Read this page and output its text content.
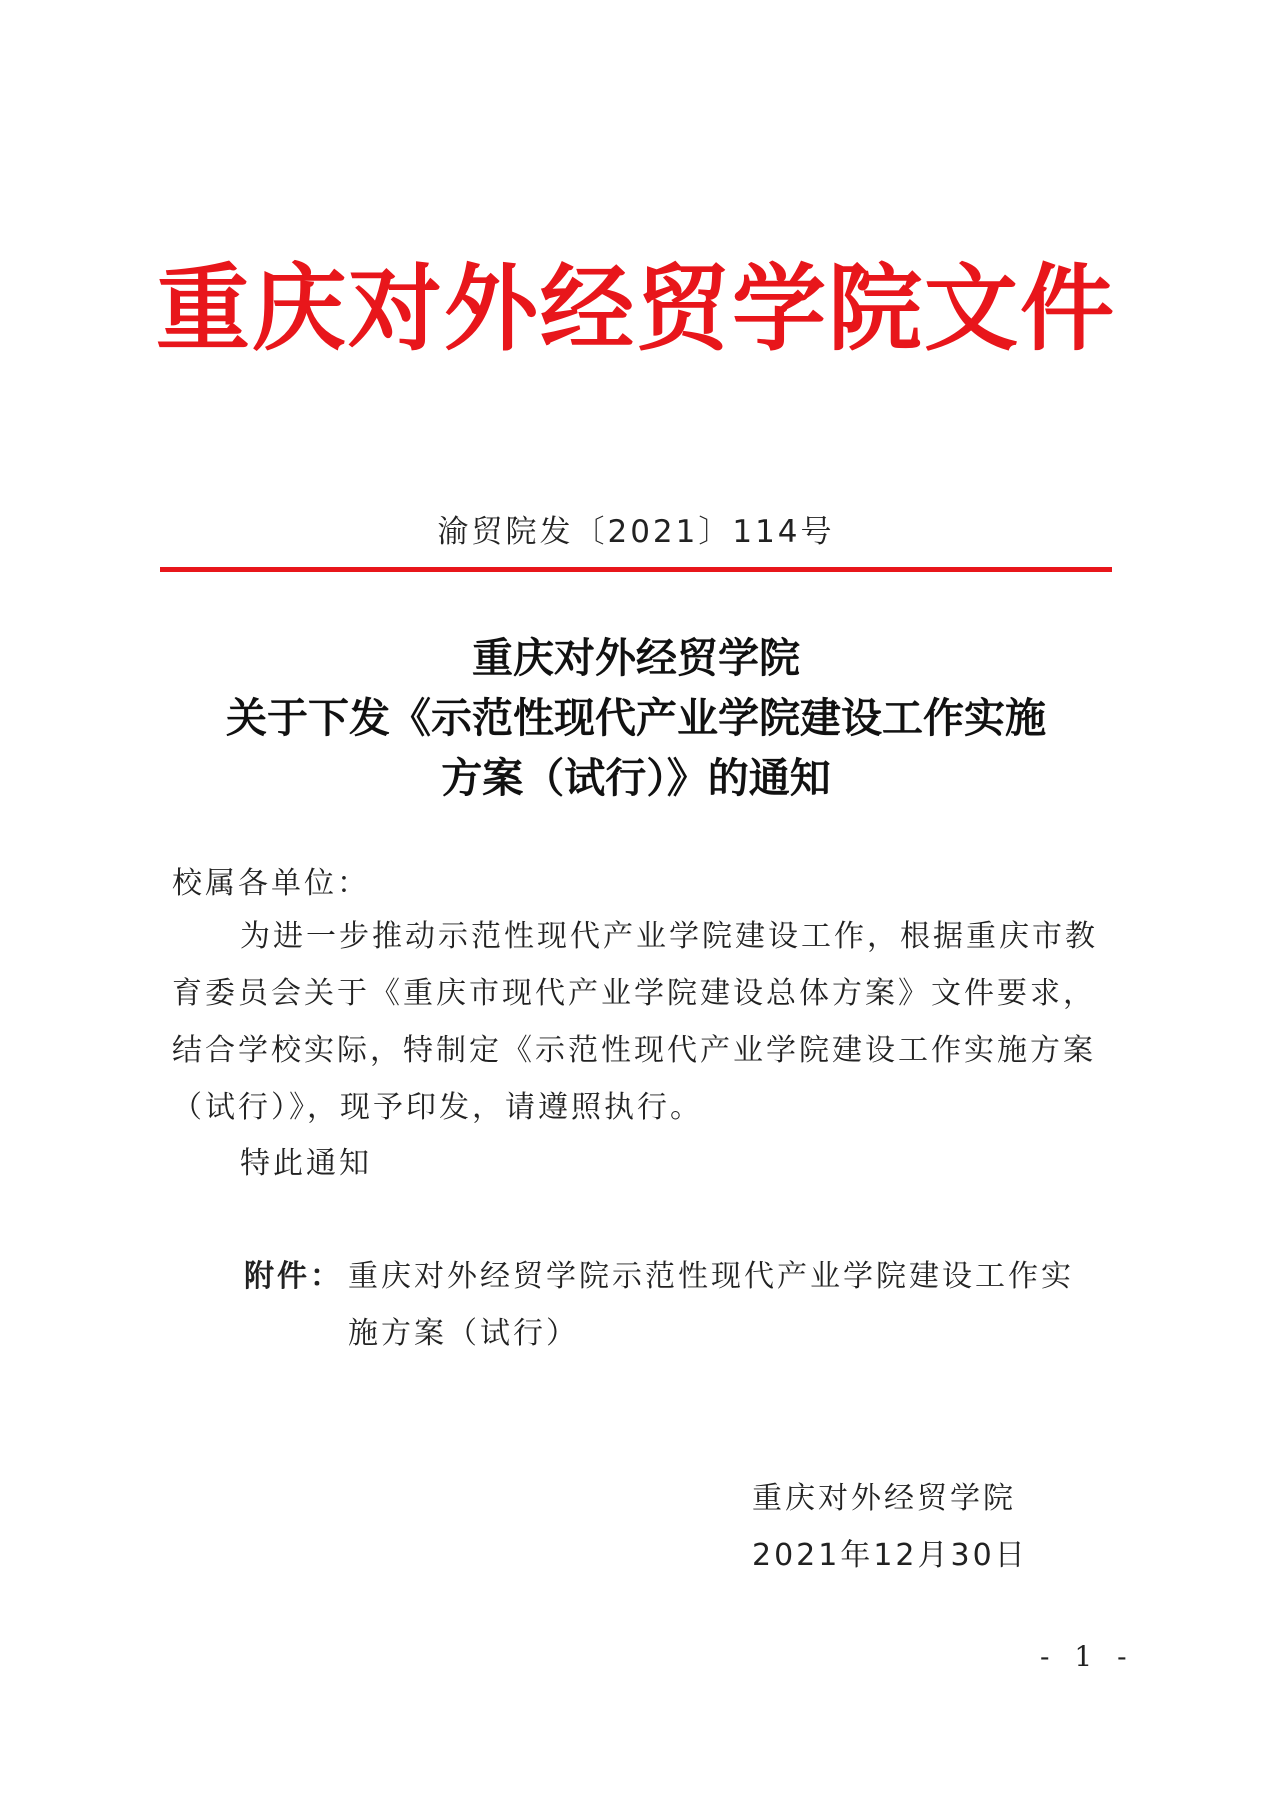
重庆对外经贸学院文件
渝贸院发〔2021〕114号
重庆对外经贸学院
关于下发《示范性现代产业学院建设工作实施
方案（试行）》的通知
校属各单位：

为进一步推动示范性现代产业学院建设工作，根据重庆市教育委员会关于《重庆市现代产业学院建设总体方案》文件要求，结合学校实际，特制定《示范性现代产业学院建设工作实施方案（试行）》，现予印发，请遵照执行。

特此通知
附件： 重庆对外经贸学院示范性现代产业学院建设工作实
施方案（试行）
重庆对外经贸学院
2021年12月30日
- 1 -
